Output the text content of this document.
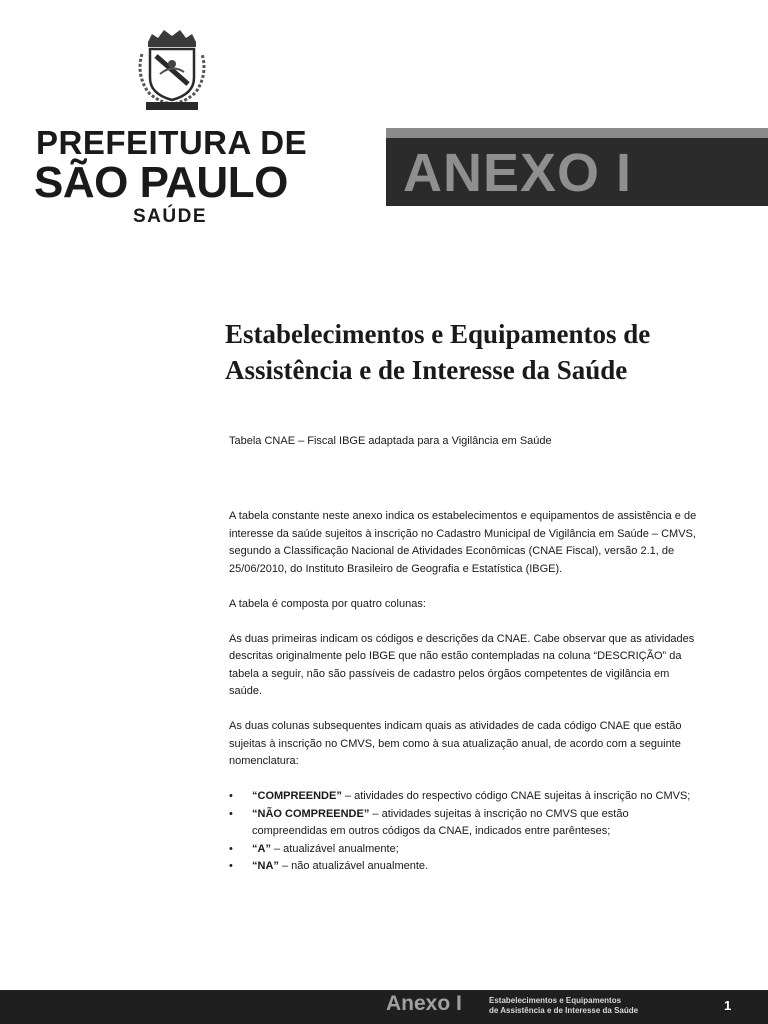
PREFEITURA DE
SÃO PAULO
SAÚDE
ANEXO I
Estabelecimentos e Equipamentos de Assistência e de Interesse da Saúde
Tabela CNAE – Fiscal IBGE adaptada para a Vigilância em Saúde

A tabela constante neste anexo indica os estabelecimentos e equipamentos de assistência e de interesse da saúde sujeitos à inscrição no Cadastro Municipal de Vigilância em Saúde – CMVS, segundo a Classificação Nacional de Atividades Econômicas (CNAE Fiscal), versão 2.1, de 25/06/2010, do Instituto Brasileiro de Geografia e Estatística (IBGE).

A tabela é composta por quatro colunas:

As duas primeiras indicam os códigos e descrições da CNAE. Cabe observar que as atividades descritas originalmente pelo IBGE que não estão contempladas na coluna “DESCRIÇÃO” da tabela a seguir, não são passíveis de cadastro pelos órgãos competentes de vigilância em saúde.

As duas colunas subsequentes indicam quais as atividades de cada código CNAE que estão sujeitas à inscrição no CMVS, bem como à sua atualização anual, de acordo com a seguinte nomenclatura:

• “COMPREENDE” – atividades do respectivo código CNAE sujeitas à inscrição no CMVS;
• “NÃO COMPREENDE” – atividades sujeitas à inscrição no CMVS que estão compreendidas em outros códigos da CNAE, indicados entre parênteses;
• “A” – atualizável anualmente;
• “NA” – não atualizável anualmente.
Anexo I	Estabelecimentos e Equipamentos
de Assistência e de Interesse da Saúde	1
